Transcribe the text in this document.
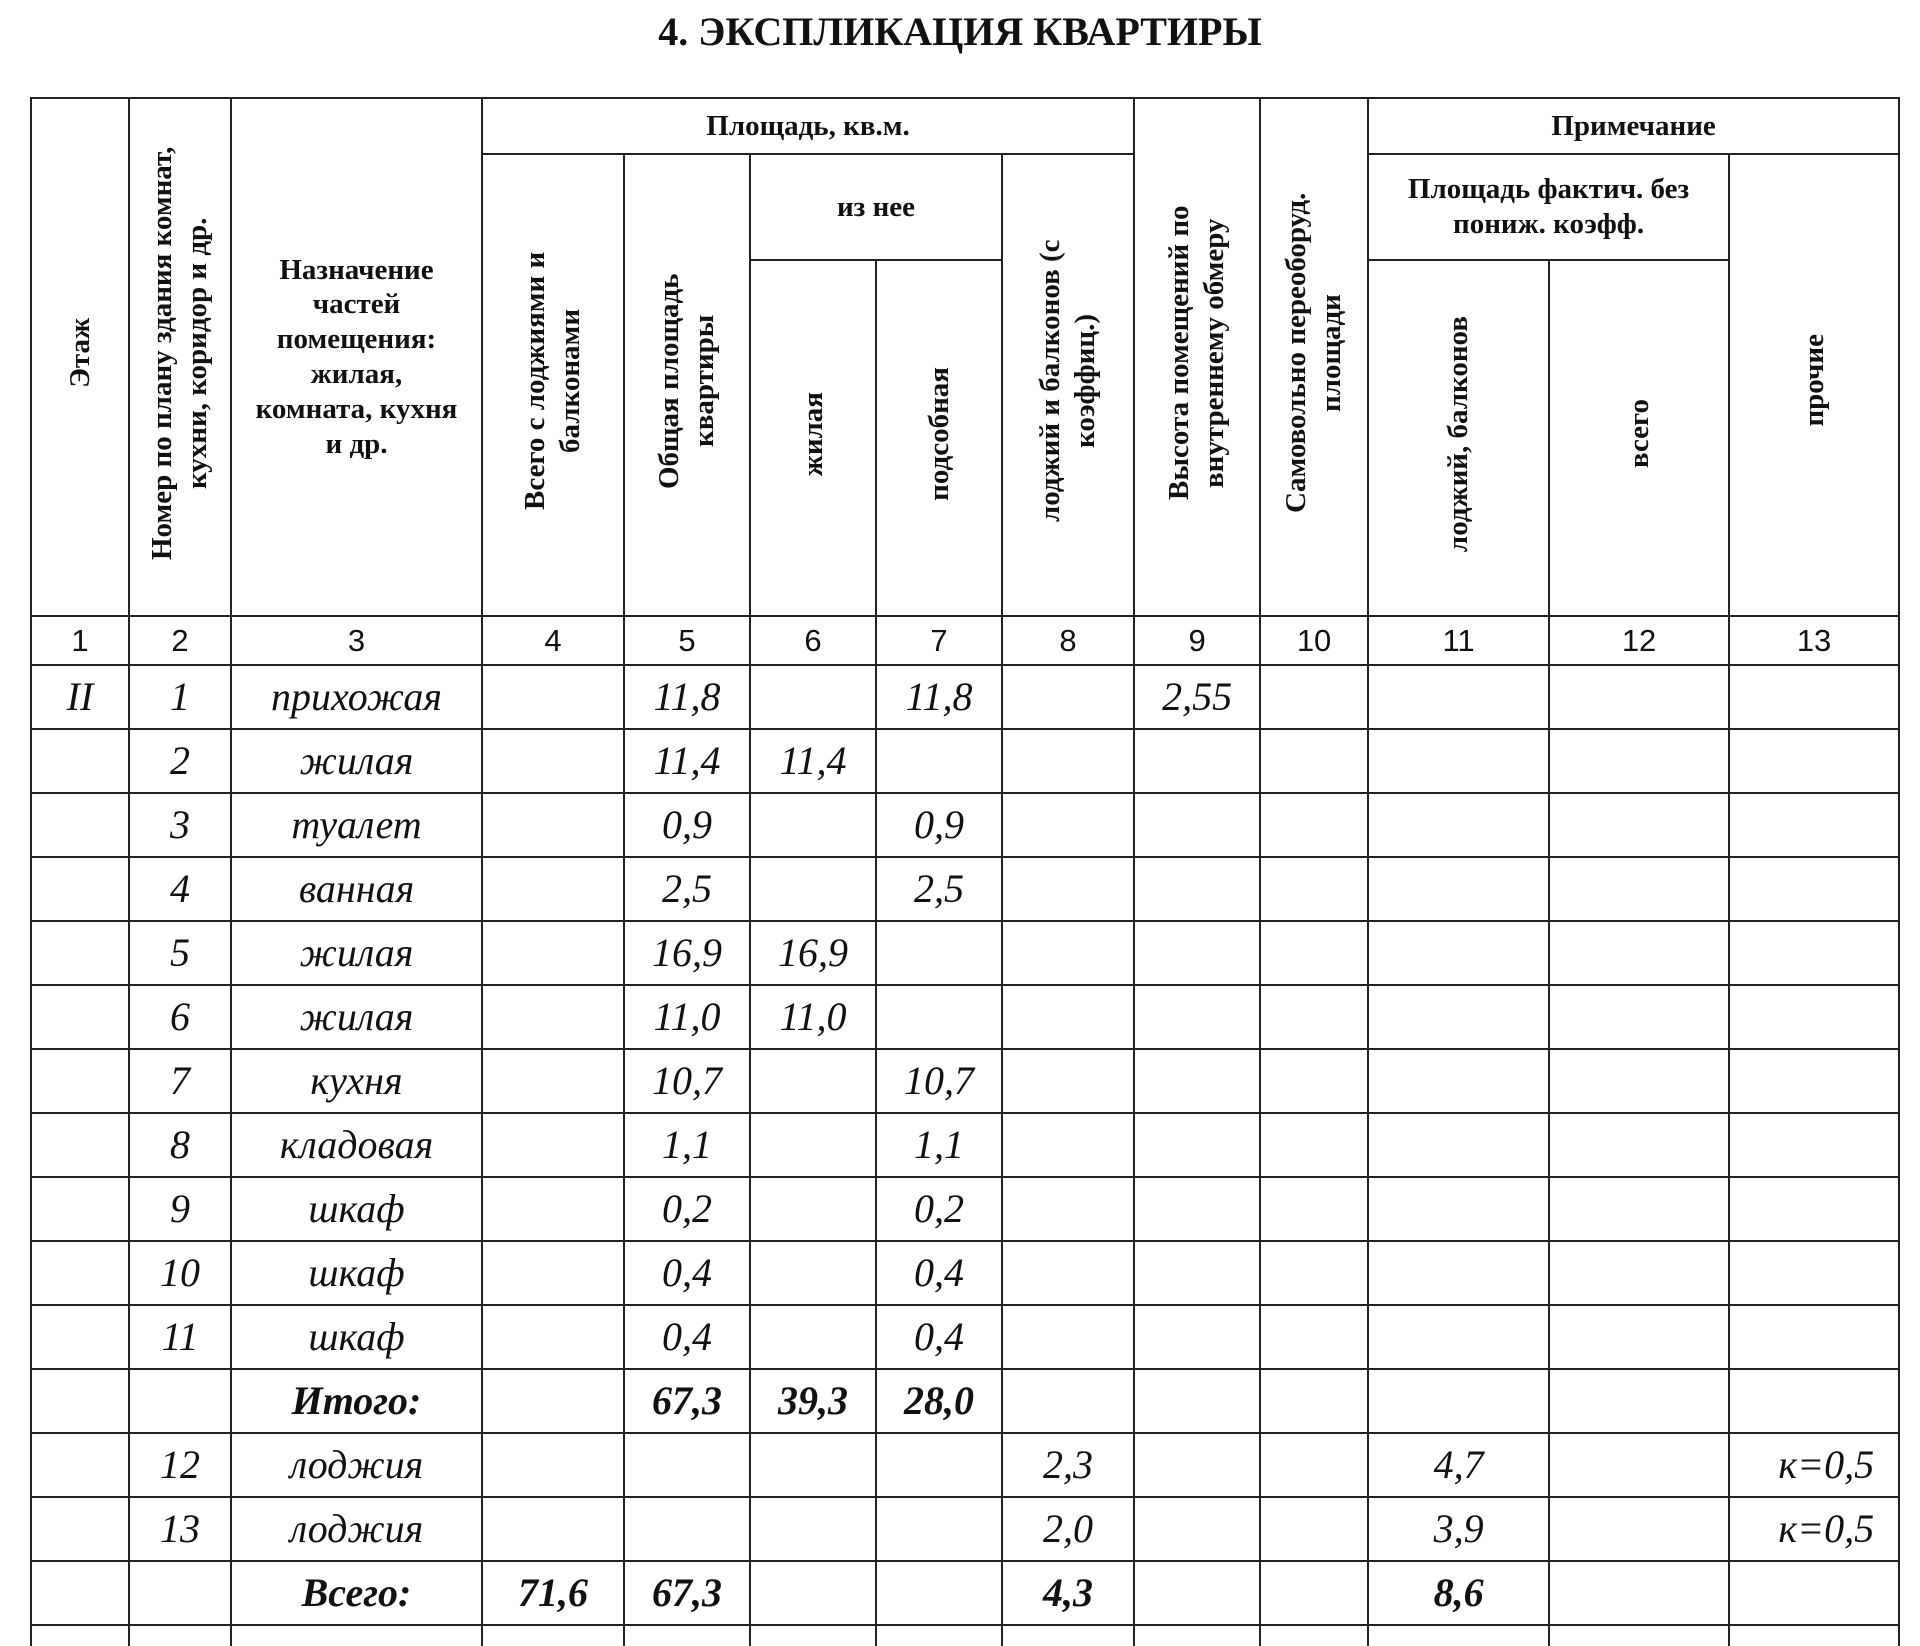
4. ЭКСПЛИКАЦИЯ КВАРТИРЫ
Этаж	Номер по плану здания комнат, кухни, коридор и др.	Назначение частей помещения: жилая, комната, кухня и др.	Площадь, кв.м.					Высота помещений по внутреннему обмеру	Самовольно переоборуд. площади	Примечание		
			Всего с лоджиями и балконами	Общая площадь квартиры	из нее		лоджий и балконов (с коэффиц.)			Площадь фактич. без пониж. коэфф.		прочие

					жилая	подсобная				лоджий, балконов	всего	
1	2	3	4	5	6	7	8	9	10	11	12	13
II	1	прихожая		11,8		11,8		2,55				
	2	жилая		11,4	11,4							
	3	туалет		0,9		0,9						
	4	ванная		2,5		2,5						
	5	жилая		16,9	16,9							
	6	жилая		11,0	11,0							
	7	кухня		10,7		10,7						
	8	кладовая		1,1		1,1						
	9	шкаф		0,2		0,2						
	10	шкаф		0,4		0,4						
	11	шкаф		0,4		0,4						
		Итого:		67,3	39,3	28,0						
	12	лоджия					2,3			4,7		к=0,5
	13	лоджия					2,0			3,9		к=0,5
		Всего:	71,6	67,3			4,3			8,6		
